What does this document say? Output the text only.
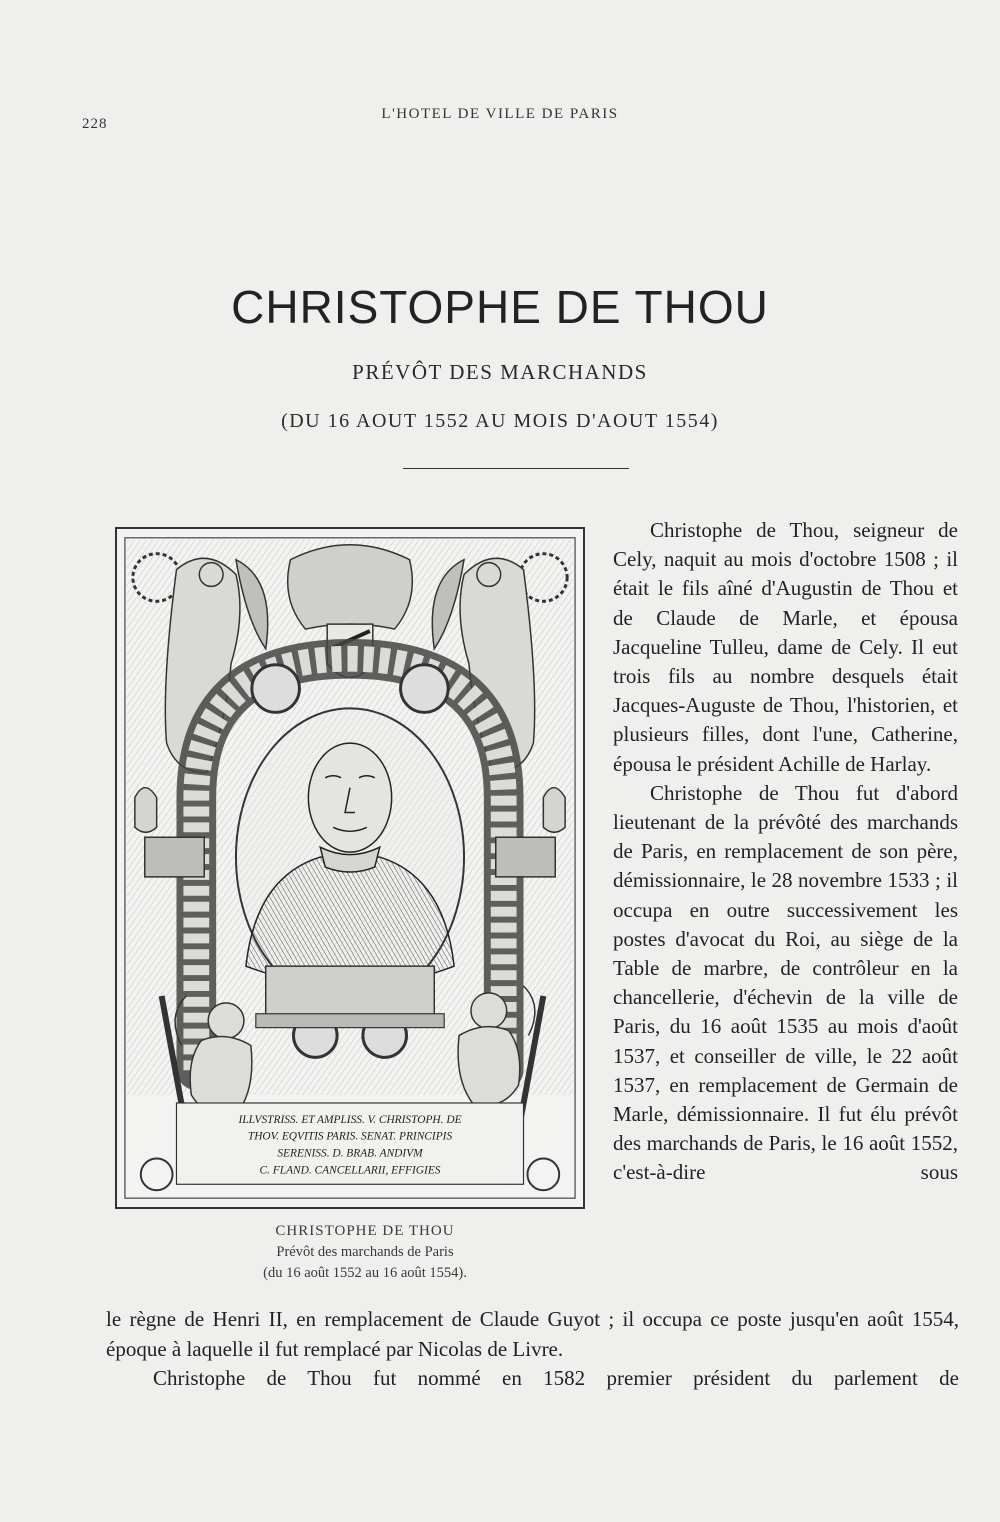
228
L'HOTEL DE VILLE DE PARIS
CHRISTOPHE DE THOU
PRÉVÔT DES MARCHANDS
(DU 16 AOUT 1552 AU MOIS D'AOUT 1554)
ILLVSTRISS. ET AMPLISS. V. CHRISTOPH. DE
THOV. EQVITIS PARIS. SENAT. PRINCIPIS
SERENISS. D. BRAB. ANDIVM
C. FLAND. CANCELLARII, EFFIGIES
CHRISTOPHE DE THOU
Prévôt des marchands de Paris
(du 16 août 1552 au 16 août 1554).

Christophe de Thou, seigneur de Cely, naquit au mois d'octobre 1508 ; il était le fils aîné d'Augustin de Thou et de Claude de Marle, et épousa Jacqueline Tulleu, dame de Cely. Il eut trois fils au nombre desquels était Jacques-Auguste de Thou, l'historien, et plusieurs filles, dont l'une, Catherine, épousa le président Achille de Harlay.

Christophe de Thou fut d'abord lieutenant de la prévôté des marchands de Paris, en remplacement de son père, démissionnaire, le 28 novembre 1533 ; il occupa en outre successivement les postes d'avocat du Roi, au siège de la Table de marbre, de contrôleur en la chancellerie, d'échevin de la ville de Paris, du 16 août 1535 au mois d'août 1537, et conseiller de ville, le 22 août 1537, en remplacement de Germain de Marle, démissionnaire. Il fut élu prévôt des marchands de Paris, le 16 août 1552, c'est-à-dire sous

le règne de Henri II, en remplacement de Claude Guyot ; il occupa ce poste jusqu'en août 1554, époque à laquelle il fut remplacé par Nicolas de Livre.

Christophe de Thou fut nommé en 1582 premier président du parlement de
